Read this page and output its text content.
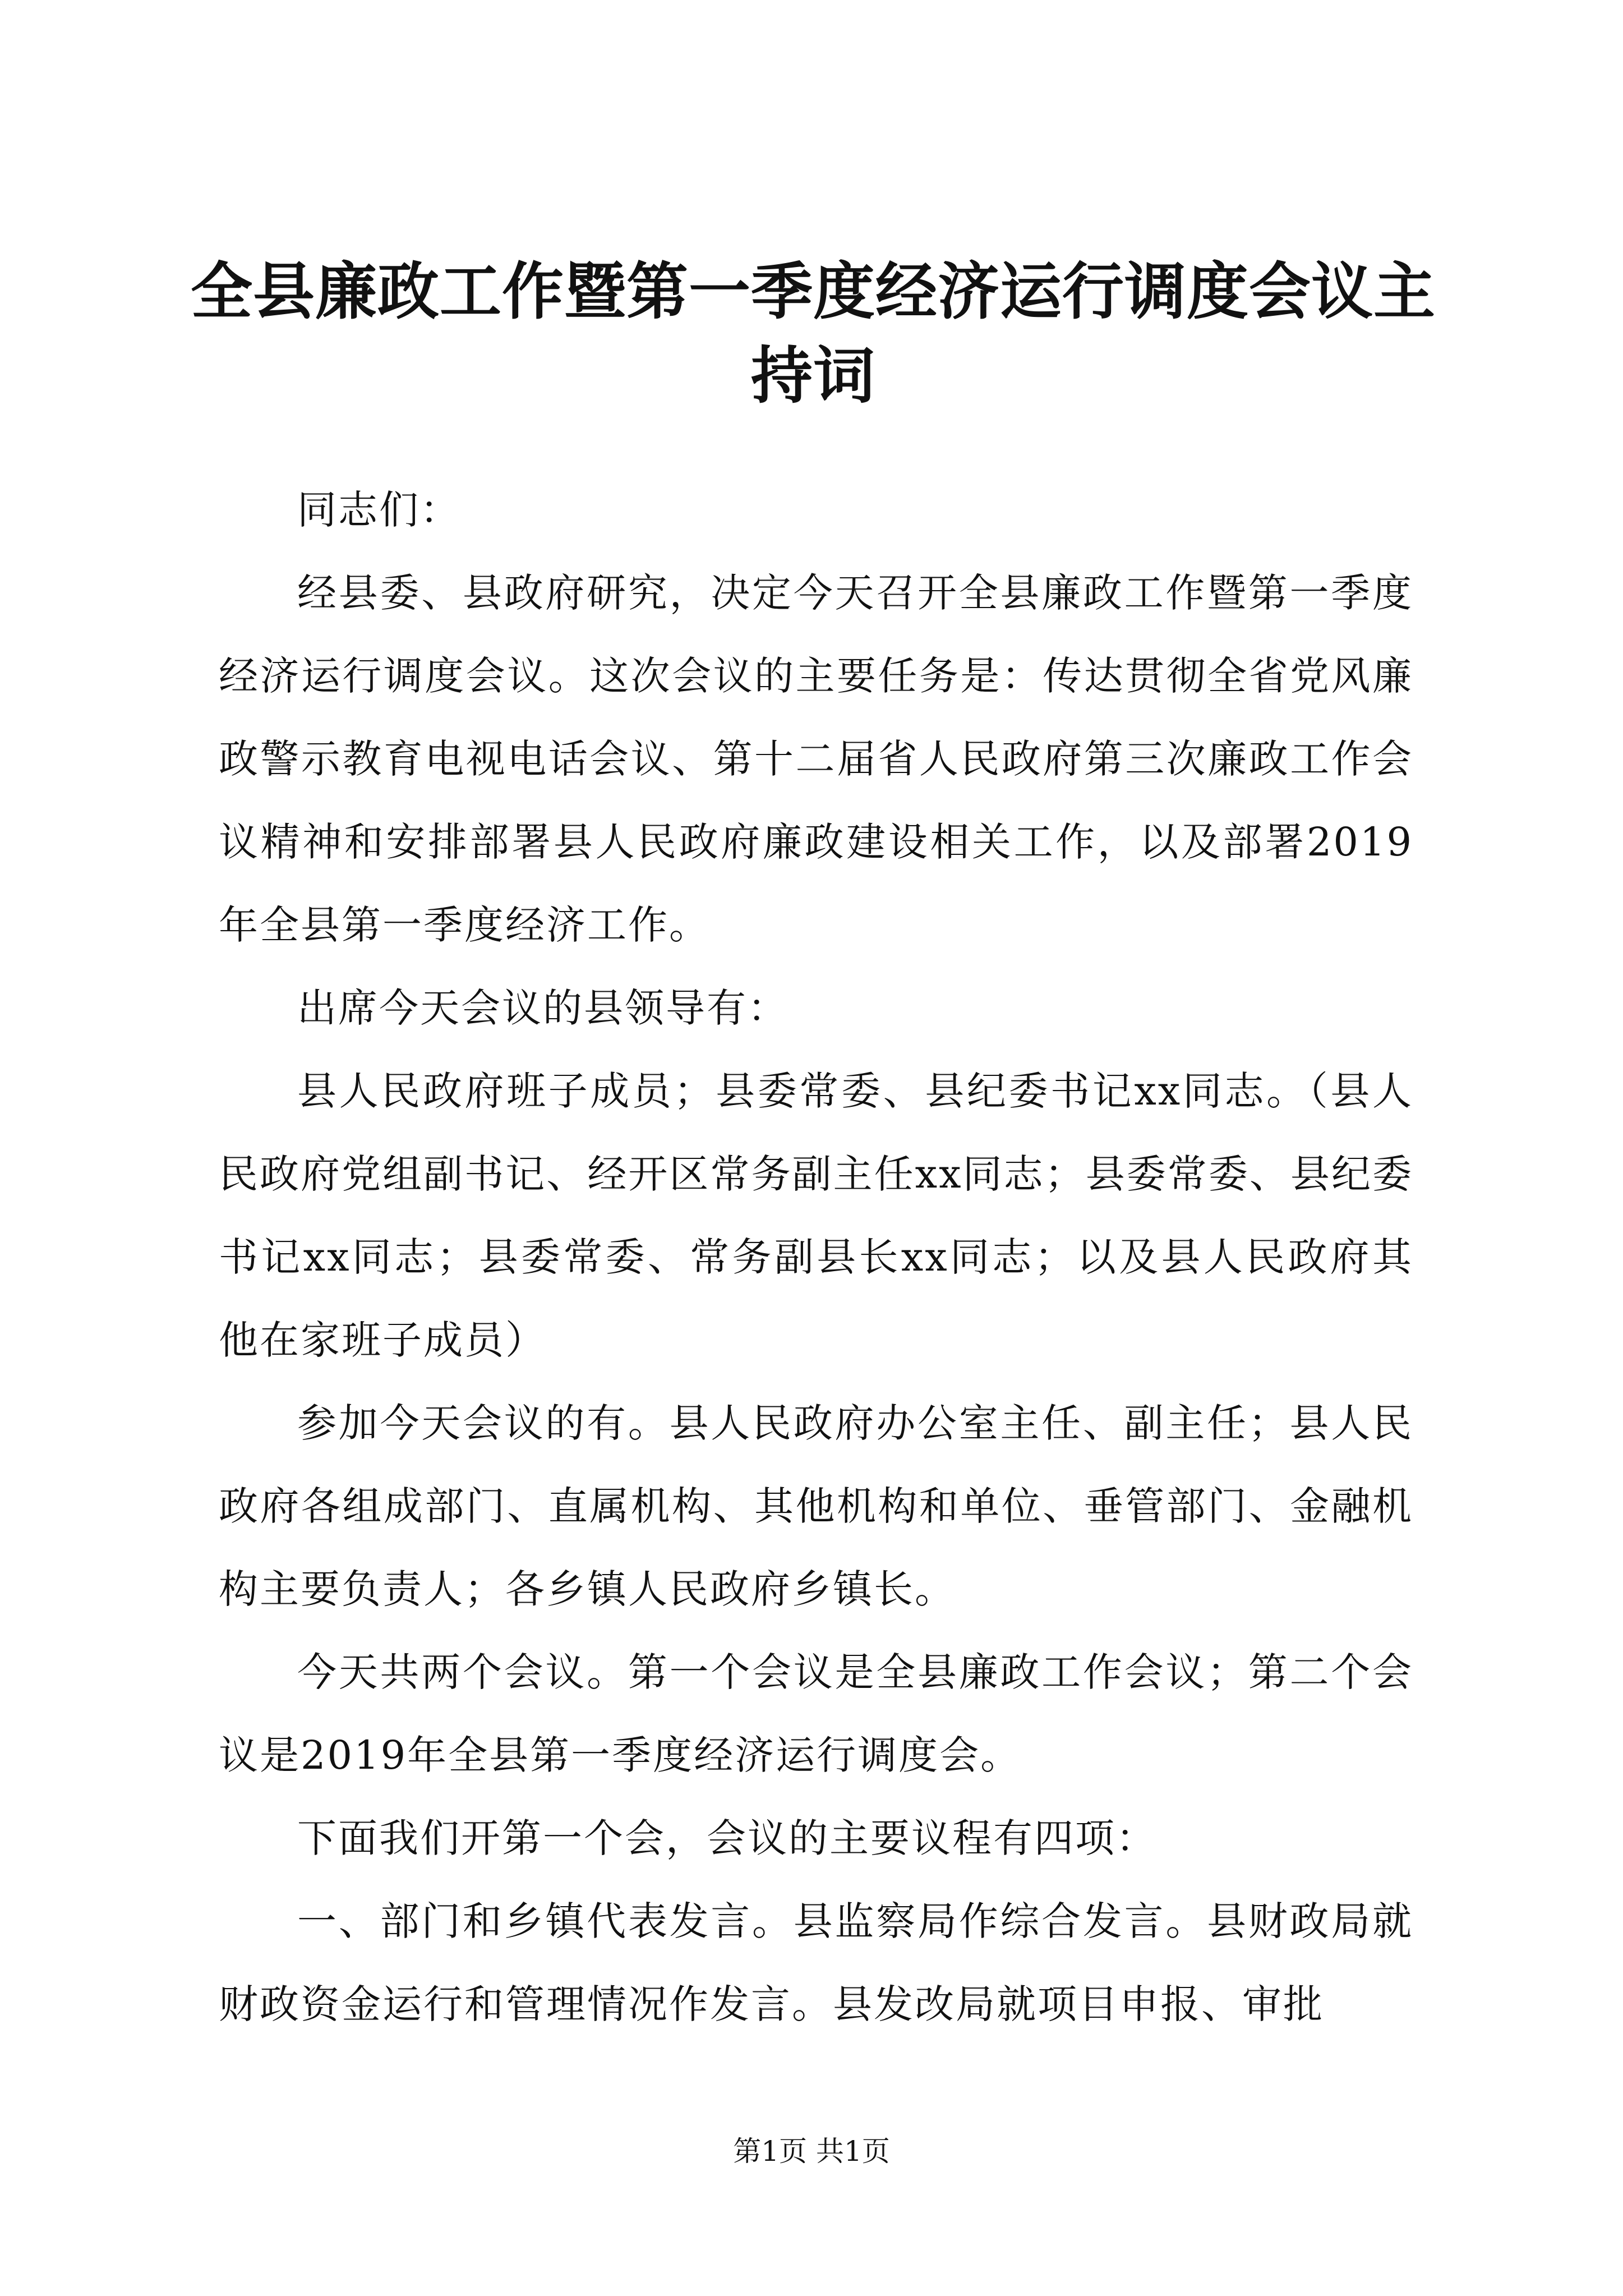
全县廉政工作暨第一季度经济运行调度会议主持词

同志们：

经县委、县政府研究，决定今天召开全县廉政工作暨第一季度经济运行调度会议。这次会议的主要任务是：传达贯彻全省党风廉政警示教育电视电话会议、第十二届省人民政府第三次廉政工作会议精神和安排部署县人民政府廉政建设相关工作，以及部署2019年全县第一季度经济工作。

出席今天会议的县领导有：

县人民政府班子成员；县委常委、县纪委书记xx同志。（县人民政府党组副书记、经开区常务副主任xx同志；县委常委、县纪委书记xx同志；县委常委、常务副县长xx同志；以及县人民政府其他在家班子成员）

参加今天会议的有。县人民政府办公室主任、副主任；县人民政府各组成部门、直属机构、其他机构和单位、垂管部门、金融机构主要负责人；各乡镇人民政府乡镇长。

今天共两个会议。第一个会议是全县廉政工作会议；第二个会议是2019年全县第一季度经济运行调度会。

下面我们开第一个会，会议的主要议程有四项：

一、部门和乡镇代表发言。县监察局作综合发言。县财政局就财政资金运行和管理情况作发言。县发改局就项目申报、审批

第1页 共1页
